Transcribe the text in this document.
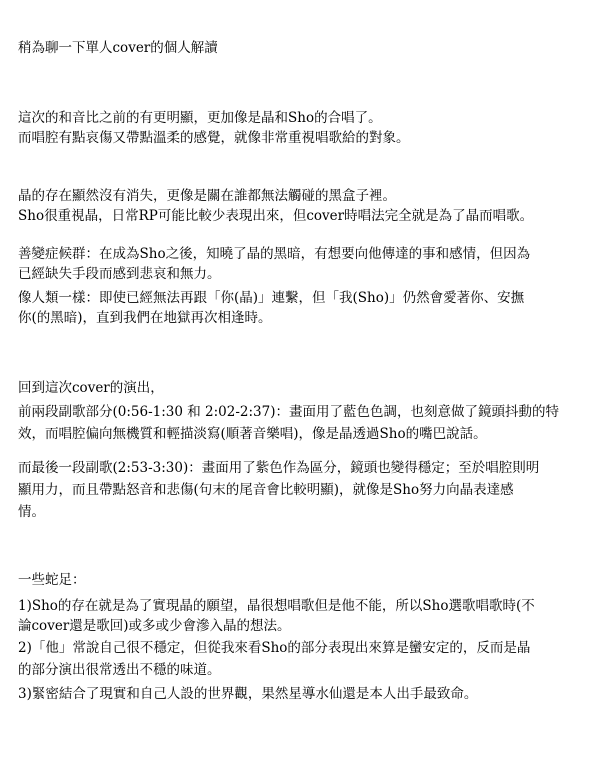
稍為聊一下單人cover的個人解讀
這次的和音比之前的有更明顯，更加像是晶和Sho的合唱了。
而唱腔有點哀傷又帶點溫柔的感覺，就像非常重視唱歌給的對象。
晶的存在顯然沒有消失，更像是關在誰都無法觸碰的黑盒子裡。
Sho很重視晶，日常RP可能比較少表現出來，但cover時唱法完全就是為了晶而唱歌。
善變症候群：在成為Sho之後，知曉了晶的黑暗，有想要向他傳達的事和感情，但因為
已經缺失手段而感到悲哀和無力。
像人類一樣：即使已經無法再跟「你(晶)」連繫，但「我(Sho)」仍然會愛著你、安撫
你(的黑暗)，直到我們在地獄再次相逢時。
回到這次cover的演出，
前兩段副歌部分(0:56-1:30 和 2:02-2:37)：畫面用了藍色色調，也刻意做了鏡頭抖動的特
效，而唱腔偏向無機質和輕描淡寫(順著音樂唱)，像是晶透過Sho的嘴巴說話。
而最後一段副歌(2:53-3:30)：畫面用了紫色作為區分，鏡頭也變得穩定；至於唱腔則明
顯用力，而且帶點怒音和悲傷(句末的尾音會比較明顯)，就像是Sho努力向晶表達感
情。
一些蛇足：
1)Sho的存在就是為了實現晶的願望，晶很想唱歌但是他不能，所以Sho選歌唱歌時(不
論cover還是歌回)或多或少會滲入晶的想法。
2)「他」常說自己很不穩定，但從我來看Sho的部分表現出來算是蠻安定的，反而是晶
的部分演出很常透出不穩的味道。
3)緊密結合了現實和自己人設的世界觀，果然星導水仙還是本人出手最致命。
